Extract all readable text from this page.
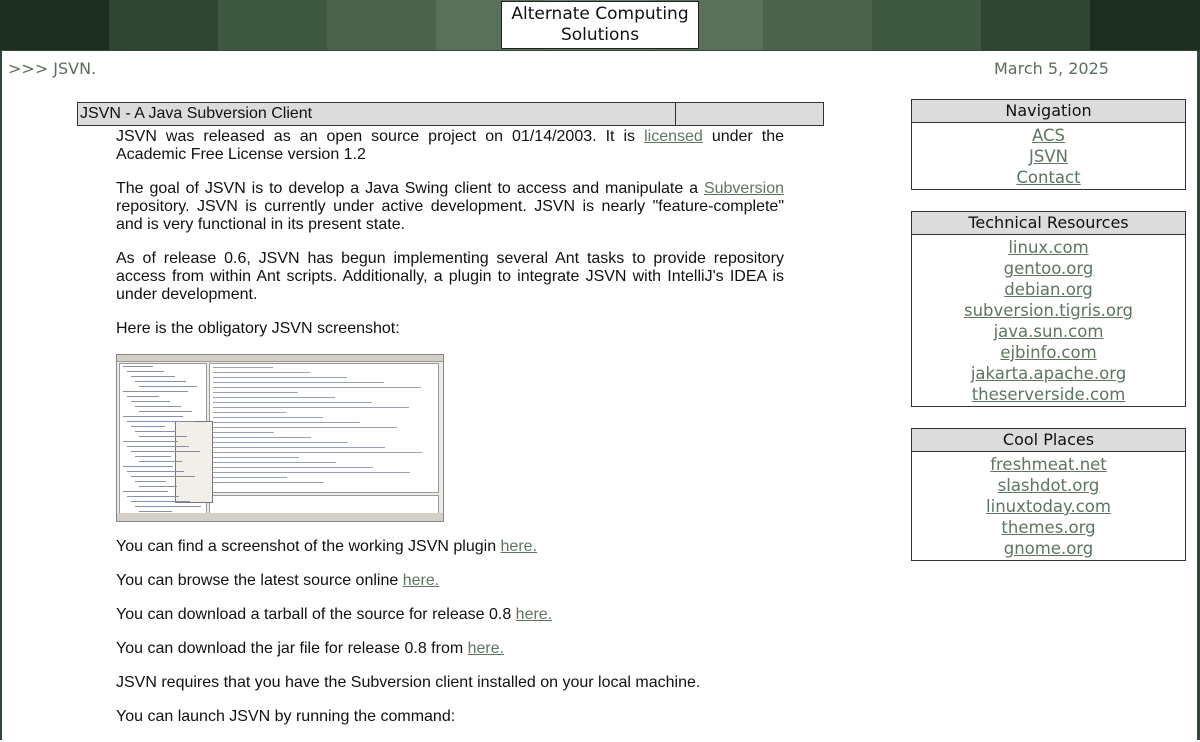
Alternate Computing Solutions
>>> JSVN.	March 5, 2025
JSVN - A Java Subversion Client

JSVN was released as an open source project on 01/14/2003. It is licensed under the Academic Free License version 1.2

The goal of JSVN is to develop a Java Swing client to access and manipulate a Subversion repository. JSVN is currently under active development. JSVN is nearly "feature-complete" and is very functional in its present state.

As of release 0.6, JSVN has begun implementing several Ant tasks to provide repository access from within Ant scripts. Additionally, a plugin to integrate JSVN with IntelliJ's IDEA is under development.

Here is the obligatory JSVN screenshot:

You can find a screenshot of the working JSVN plugin here.

You can browse the latest source online here.

You can download a tarball of the source for release 0.8 here.

You can download the jar file for release 0.8 from here.

JSVN requires that you have the Subversion client installed on your local machine.

You can launch JSVN by running the command:

Navigation
ACS
JSVN
Contact
Technical Resources
linux.com
gentoo.org
debian.org
subversion.tigris.org
java.sun.com
ejbinfo.com
jakarta.apache.org
theserverside.com
Cool Places
freshmeat.net
slashdot.org
linuxtoday.com
themes.org
gnome.org
